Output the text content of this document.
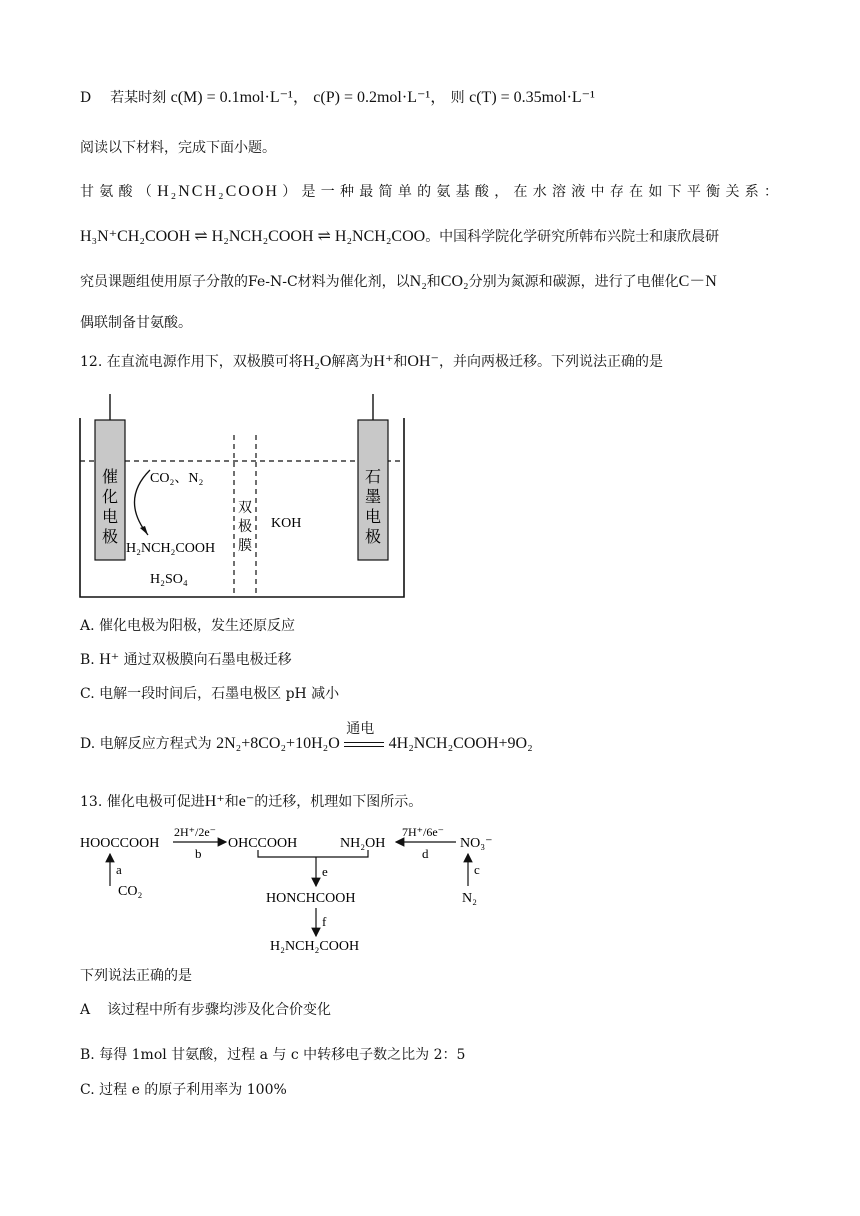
D 若某时刻 c(M) = 0.1mol·L⁻¹， c(P) = 0.2mol·L⁻¹， 则 c(T) = 0.35mol·L⁻¹
阅读以下材料，完成下面小题。
甘氨酸（H₂NCH₂COOH）是一种最简单的氨基酸，在水溶液中存在如下平衡关系：
H₃N⁺CH₂COOH ⇌ H₂NCH₂COOH ⇌ H₂NCH₂COO。中国科学院化学研究所韩布兴院士和康欣晨研
究员课题组使用原子分散的Fe-N-C材料为催化剂，以N₂和CO₂分别为氮源和碳源，进行了电催化C－N
偶联制备甘氨酸。
12. 在直流电源作用下，双极膜可将H₂O解离为H⁺和OH⁻，并向两极迁移。下列说法正确的是
催
化
电
极
石
墨
电
极
CO₂、N₂
H₂NCH₂COOH
H₂SO₄
双
极
膜
KOH
A. 催化电极为阳极，发生还原反应
B. H⁺ 通过双极膜向石墨电极迁移
C. 电解一段时间后，石墨电极区 pH 减小
D. 电解反应方程式为 2N₂+8CO₂+10H₂O
通电
4H₂NCH₂COOH+9O₂
13. 催化电极可促进H⁺和e⁻的迁移，机理如下图所示。
HOOCCOOH
a
CO₂
2H⁺/2e⁻
b
OHCCOOH	NH₂OH
7H⁺/6e⁻
d
NO₃⁻
c
N₂
e
HONCHCOOH
f
H₂NCH₂COOH
下列说法正确的是
A 该过程中所有步骤均涉及化合价变化
B. 每得 1mol 甘氨酸，过程 a 与 c 中转移电子数之比为 2：5
C. 过程 e 的原子利用率为 100%
